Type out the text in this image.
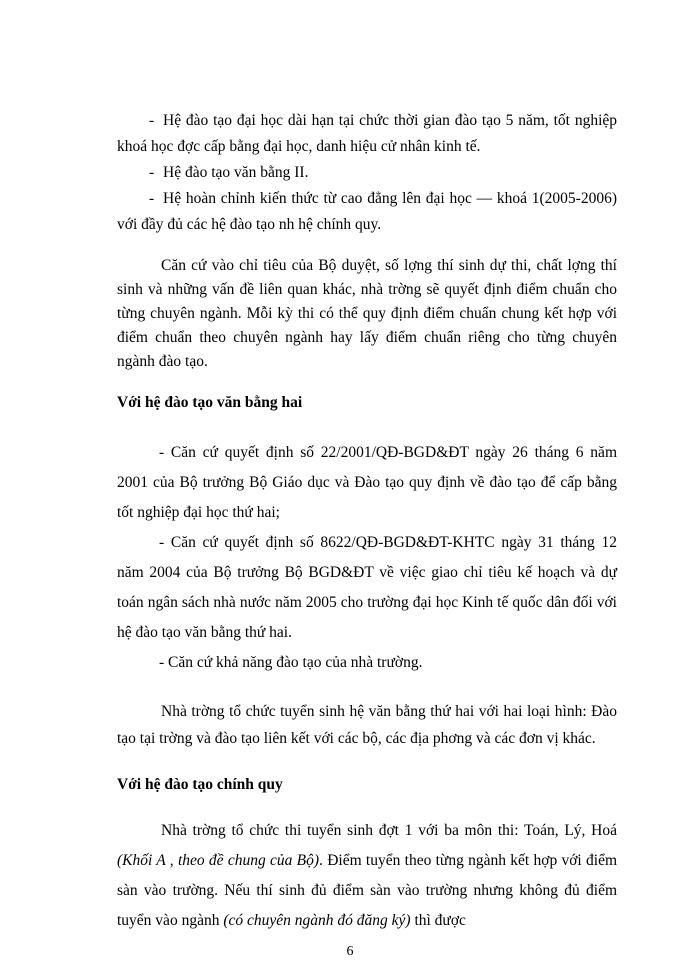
- Hệ đào tạo đại học dài hạn tại chức thời gian đào tạo 5 năm, tốt nghiệp khoá học đợc cấp bằng đại học, danh hiệu cử nhân kinh tế.

- Hệ đào tạo văn bằng II.

- Hệ hoàn chỉnh kiến thức từ cao đẳng lên đại học — khoá 1(2005-2006) với đầy đủ các hệ đào tạo nh hệ chính quy.

Căn cứ vào chỉ tiêu của Bộ duyệt, số lợng thí sinh dự thi, chất lợng thí sinh và những vấn đề liên quan khác, nhà trờng sẽ quyết định điểm chuẩn cho từng chuyên ngành. Mỗi kỳ thi có thể quy định điểm chuẩn chung kết hợp với điểm chuẩn theo chuyên ngành hay lấy điểm chuẩn riêng cho từng chuyên ngành đào tạo.

Với hệ đào tạo văn bằng hai

- Căn cứ quyết định số 22/2001/QĐ-BGD&ĐT ngày 26 tháng 6 năm 2001 của Bộ trưởng Bộ Giáo dục và Đào tạo quy định về đào tạo để cấp bằng tốt nghiệp đại học thứ hai;

- Căn cứ quyết định số 8622/QĐ-BGD&ĐT-KHTC ngày 31 tháng 12 năm 2004 của Bộ trưởng Bộ BGD&ĐT về việc giao chỉ tiêu kế hoạch và dự toán ngân sách nhà nước năm 2005 cho trường đại học Kinh tế quốc dân đối với hệ đào tạo văn bằng thứ hai.

- Căn cứ khả năng đào tạo của nhà trường.

Nhà trờng tổ chức tuyển sinh hệ văn bằng thứ hai với hai loại hình: Đào tạo tại trờng và đào tạo liên kết với các bộ, các địa phơng và các đơn vị khác.

Với hệ đào tạo chính quy

Nhà trờng tổ chức thi tuyển sinh đợt 1 với ba môn thi: Toán, Lý, Hoá (Khối A , theo đề chung của Bộ). Điểm tuyển theo từng ngành kết hợp với điểm sàn vào trường. Nếu thí sinh đủ điểm sàn vào trường nhưng không đủ điểm tuyển vào ngành (có chuyên ngành đó đăng ký) thì được

6
